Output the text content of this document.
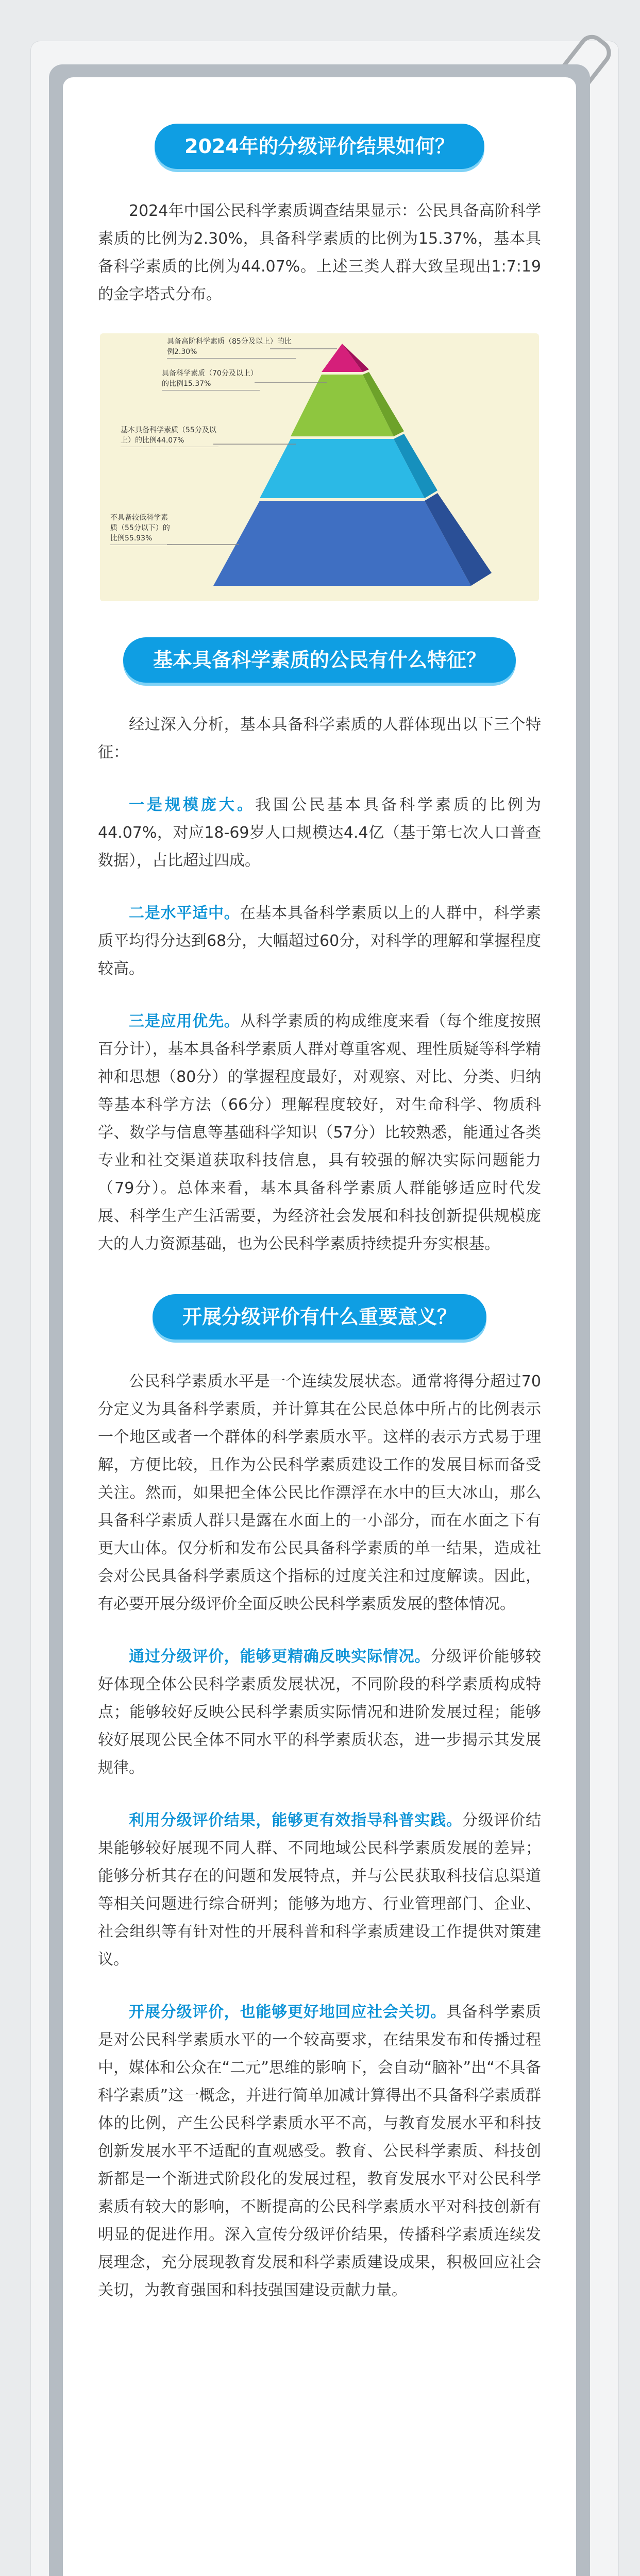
2024年的分级评价结果如何？

2024年中国公民科学素质调查结果显示：公民具备高阶科学素质的比例为2.30%，具备科学素质的比例为15.37%，基本具备科学素质的比例为44.07%。上述三类人群大致呈现出1:7:19的金字塔式分布。

具备高阶科学素质（85分及以上）的比例2.30%
具备科学素质（70分及以上）的比例15.37%
基本具备科学素质（55分及以上）的比例44.07%
不具备较低科学素质（55分以下）的比例55.93%
基本具备科学素质的公民有什么特征？

经过深入分析，基本具备科学素质的人群体现出以下三个特征：

一是规模庞大。我国公民基本具备科学素质的比例为44.07%，对应18-69岁人口规模达4.4亿（基于第七次人口普查数据），占比超过四成。

二是水平适中。在基本具备科学素质以上的人群中，科学素质平均得分达到68分，大幅超过60分，对科学的理解和掌握程度较高。

三是应用优先。从科学素质的构成维度来看（每个维度按照百分计），基本具备科学素质人群对尊重客观、理性质疑等科学精神和思想（80分）的掌握程度最好，对观察、对比、分类、归纳等基本科学方法（66分）理解程度较好，对生命科学、物质科学、数学与信息等基础科学知识（57分）比较熟悉，能通过各类专业和社交渠道获取科技信息，具有较强的解决实际问题能力（79分）。总体来看，基本具备科学素质人群能够适应时代发展、科学生产生活需要，为经济社会发展和科技创新提供规模庞大的人力资源基础，也为公民科学素质持续提升夯实根基。

开展分级评价有什么重要意义？

公民科学素质水平是一个连续发展状态。通常将得分超过70分定义为具备科学素质，并计算其在公民总体中所占的比例表示一个地区或者一个群体的科学素质水平。这样的表示方式易于理解，方便比较，且作为公民科学素质建设工作的发展目标而备受关注。然而，如果把全体公民比作漂浮在水中的巨大冰山，那么具备科学素质人群只是露在水面上的一小部分，而在水面之下有更大山体。仅分析和发布公民具备科学素质的单一结果，造成社会对公民具备科学素质这个指标的过度关注和过度解读。因此，有必要开展分级评价全面反映公民科学素质发展的整体情况。

通过分级评价，能够更精确反映实际情况。分级评价能够较好体现全体公民科学素质发展状况，不同阶段的科学素质构成特点；能够较好反映公民科学素质实际情况和进阶发展过程；能够较好展现公民全体不同水平的科学素质状态，进一步揭示其发展规律。

利用分级评价结果，能够更有效指导科普实践。分级评价结果能够较好展现不同人群、不同地域公民科学素质发展的差异；能够分析其存在的问题和发展特点，并与公民获取科技信息渠道等相关问题进行综合研判；能够为地方、行业管理部门、企业、社会组织等有针对性的开展科普和科学素质建设工作提供对策建议。

开展分级评价，也能够更好地回应社会关切。具备科学素质是对公民科学素质水平的一个较高要求，在结果发布和传播过程中，媒体和公众在“二元”思维的影响下，会自动“脑补”出“不具备科学素质”这一概念，并进行简单加减计算得出不具备科学素质群体的比例，产生公民科学素质水平不高，与教育发展水平和科技创新发展水平不适配的直观感受。教育、公民科学素质、科技创新都是一个渐进式阶段化的发展过程，教育发展水平对公民科学素质有较大的影响，不断提高的公民科学素质水平对科技创新有明显的促进作用。深入宣传分级评价结果，传播科学素质连续发展理念，充分展现教育发展和科学素质建设成果，积极回应社会关切，为教育强国和科技强国建设贡献力量。
